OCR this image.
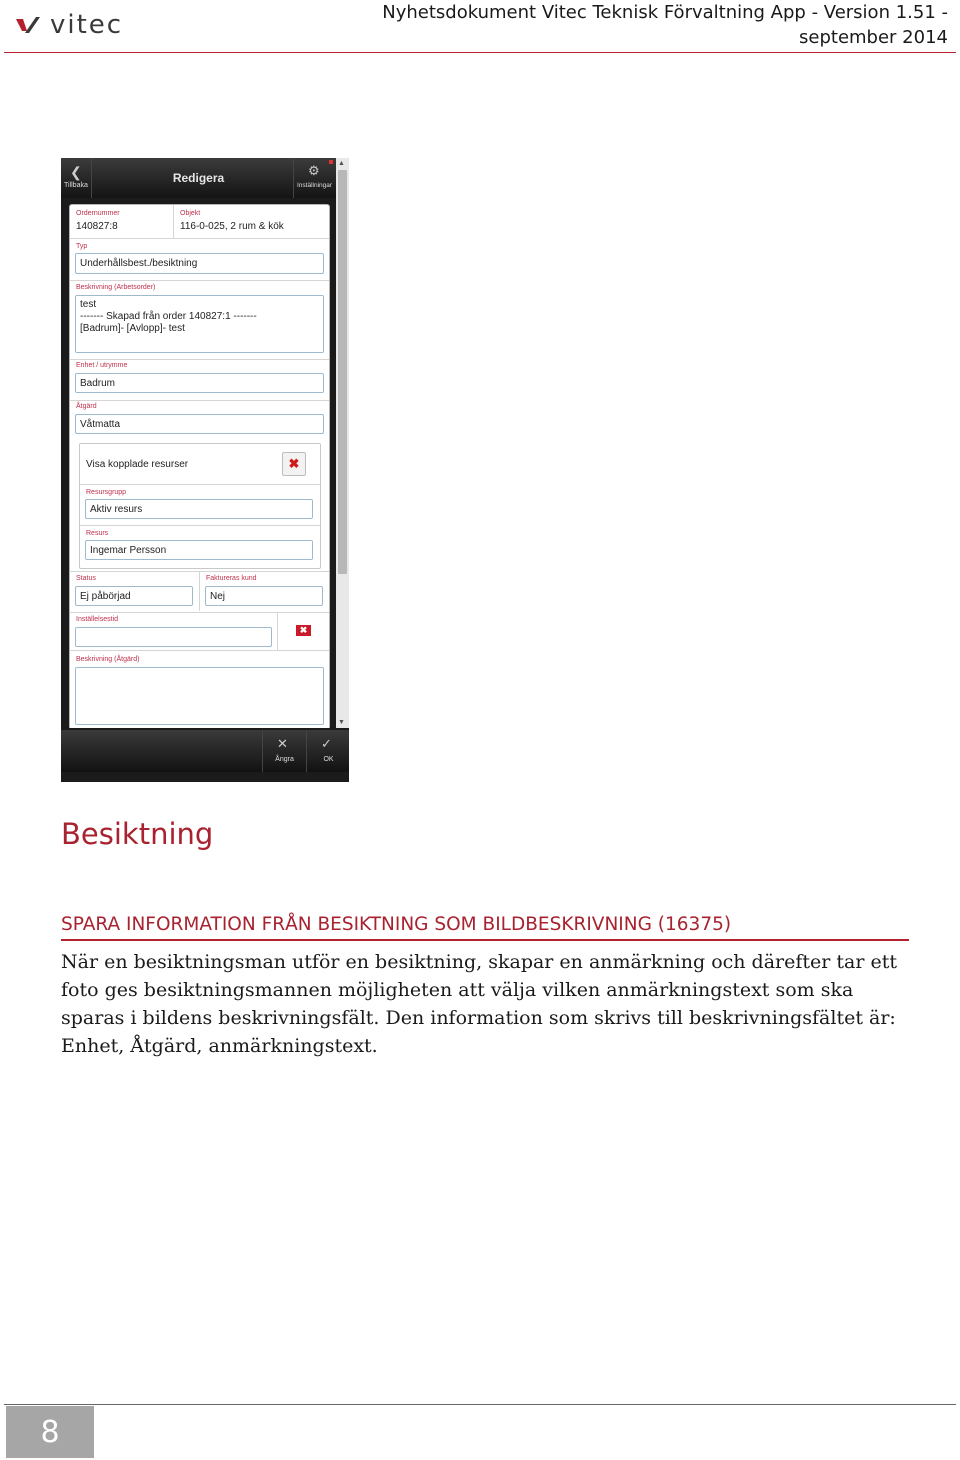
vitec	Nyhetsdokument Vitec Teknisk Förvaltning App - Version 1.51 - september 2014
❮
Tillbaka
Redigera	⚙
Inställningar
▲
▼
Ordernummer
140827:8
Objekt
116-0-025, 2 rum & kök
Typ
Underhållsbest./besiktning
Beskrivning (Arbetsorder)
test
------- Skapad från order 140827:1 -------
[Badrum]- [Avlopp]- test
Enhet / utrymme
Badrum
Åtgärd
Våtmatta
Visa kopplade resurser	✖
Resursgrupp
Aktiv resurs
Resurs
Ingemar Persson
Status
Ej påbörjad
Faktureras kund
Nej
Inställelsestid
✖
Beskrivning (Åtgärd)
✕
Ångra
✓
OK
Besiktning
SPARA INFORMATION FRÅN BESIKTNING SOM BILDBESKRIVNING (16375)

När en besiktningsman utför en besiktning, skapar en anmärkning och därefter tar ett foto ges besiktningsmannen möjligheten att välja vilken anmärkningstext som ska sparas i bildens beskrivningsfält. Den information som skrivs till beskrivningsfältet är: Enhet, Åtgärd, anmärkningstext.

8
